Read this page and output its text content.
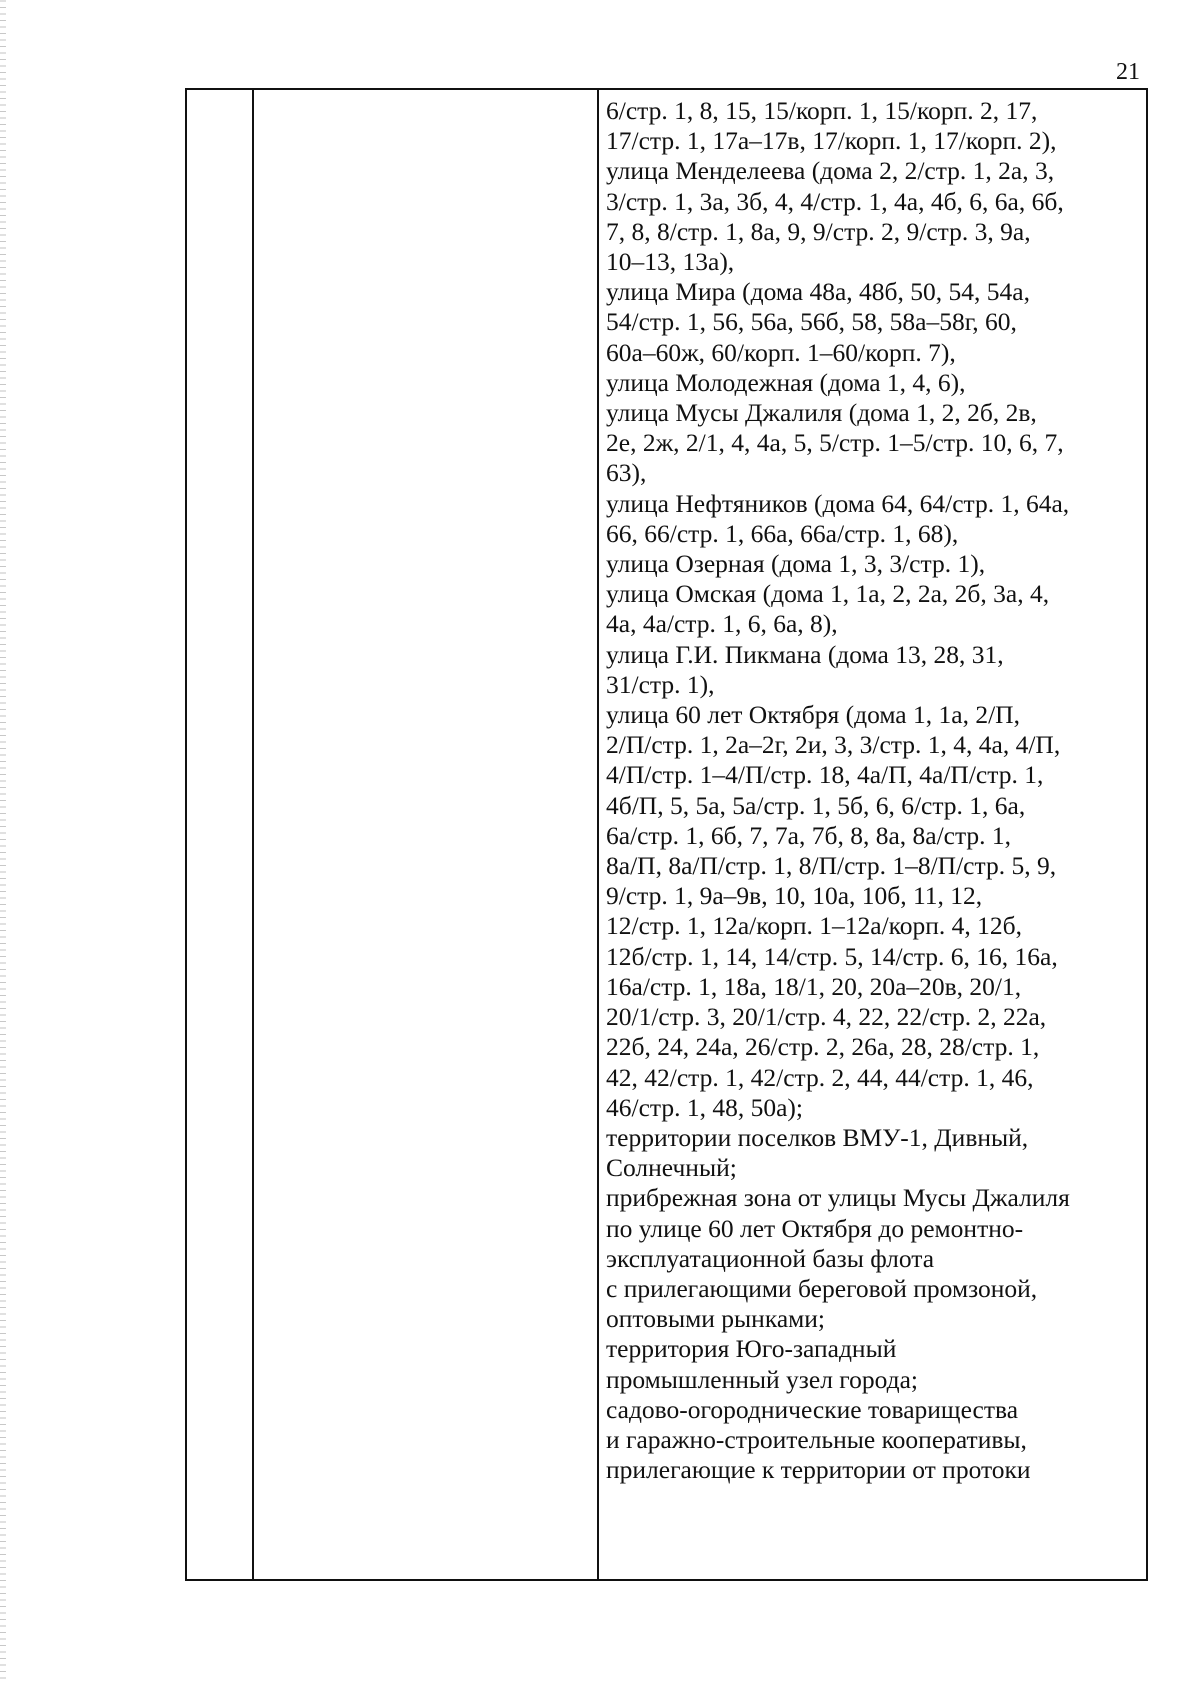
21

6/стр. 1, 8, 15, 15/корп. 1, 15/корп. 2, 17,
17/стр. 1, 17а–17в, 17/корп. 1, 17/корп. 2),
улица Менделеева (дома 2, 2/стр. 1, 2а, 3,
3/стр. 1, 3а, 3б, 4, 4/стр. 1, 4а, 4б, 6, 6а, 6б,
7, 8, 8/стр. 1, 8а, 9, 9/стр. 2, 9/стр. 3, 9а,
10–13, 13а),
улица Мира (дома 48а, 48б, 50, 54, 54а,
54/стр. 1, 56, 56а, 56б, 58, 58а–58г, 60,
60а–60ж, 60/корп. 1–60/корп. 7),
улица Молодежная (дома 1, 4, 6),
улица Мусы Джалиля (дома 1, 2, 2б, 2в,
2е, 2ж, 2/1, 4, 4а, 5, 5/стр. 1–5/стр. 10, 6, 7,
63),
улица Нефтяников (дома 64, 64/стр. 1, 64а,
66, 66/стр. 1, 66а, 66а/стр. 1, 68),
улица Озерная (дома 1, 3, 3/стр. 1),
улица Омская (дома 1, 1а, 2, 2а, 2б, 3а, 4,
4а, 4а/стр. 1, 6, 6а, 8),
улица Г.И. Пикмана (дома 13, 28, 31,
31/стр. 1),
улица 60 лет Октября (дома 1, 1а, 2/П,
2/П/стр. 1, 2а–2г, 2и, 3, 3/стр. 1, 4, 4а, 4/П,
4/П/стр. 1–4/П/стр. 18, 4а/П, 4а/П/стр. 1,
4б/П, 5, 5а, 5а/стр. 1, 5б, 6, 6/стр. 1, 6а,
6а/стр. 1, 6б, 7, 7а, 7б, 8, 8а, 8а/стр. 1,
8а/П, 8а/П/стр. 1, 8/П/стр. 1–8/П/стр. 5, 9,
9/стр. 1, 9а–9в, 10, 10а, 10б, 11, 12,
12/стр. 1, 12а/корп. 1–12а/корп. 4, 12б,
12б/стр. 1, 14, 14/стр. 5, 14/стр. 6, 16, 16а,
16а/стр. 1, 18а, 18/1, 20, 20а–20в, 20/1,
20/1/стр. 3, 20/1/стр. 4, 22, 22/стр. 2, 22а,
22б, 24, 24а, 26/стр. 2, 26а, 28, 28/стр. 1,
42, 42/стр. 1, 42/стр. 2, 44, 44/стр. 1, 46,
46/стр. 1, 48, 50а);
территории поселков ВМУ-1, Дивный,
Солнечный;
прибрежная зона от улицы Мусы Джалиля
по улице 60 лет Октября до ремонтно-
эксплуатационной базы флота
с прилегающими береговой промзоной,
оптовыми рынками;
территория Юго-западный
промышленный узел города;
садово-огороднические товарищества
и гаражно-строительные кооперативы,
прилегающие к территории от протоки
